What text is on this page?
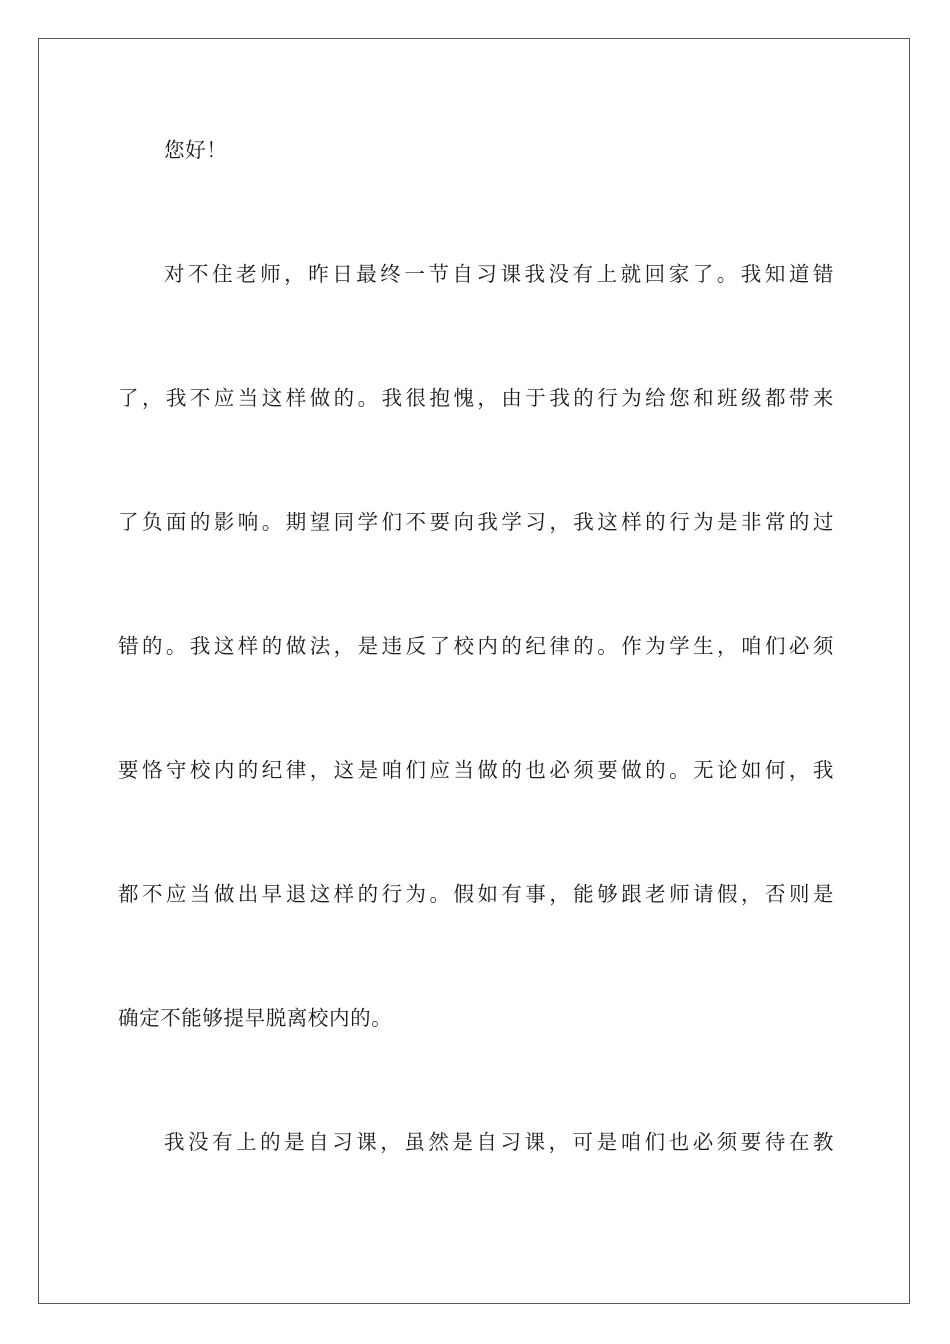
您好！
对不住老师，昨日最终一节自习课我没有上就回家了。我知道错
了，我不应当这样做的。我很抱愧，由于我的行为给您和班级都带来
了负面的影响。期望同学们不要向我学习，我这样的行为是非常的过
错的。我这样的做法，是违反了校内的纪律的。作为学生，咱们必须
要恪守校内的纪律，这是咱们应当做的也必须要做的。无论如何，我
都不应当做出早退这样的行为。假如有事，能够跟老师请假，否则是
确定不能够提早脱离校内的。
我没有上的是自习课，虽然是自习课，可是咱们也必须要待在教
